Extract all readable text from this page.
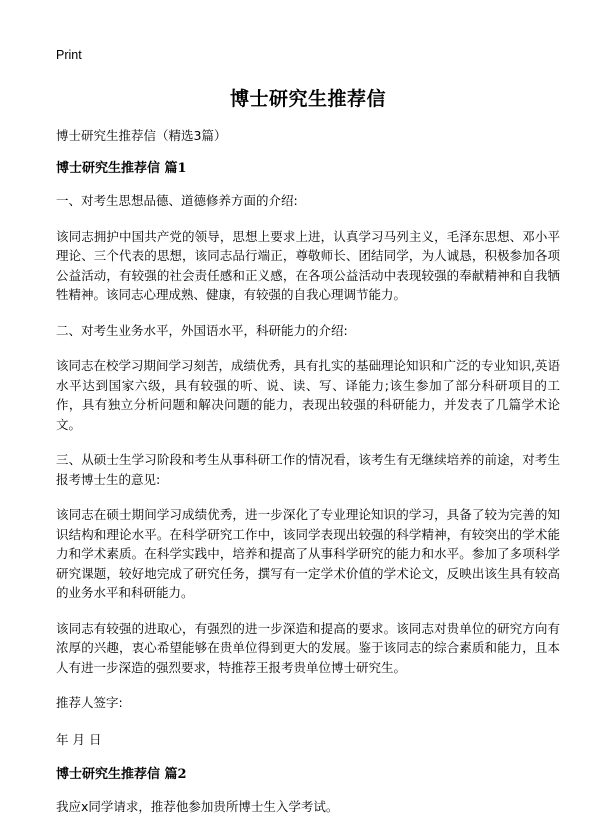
Print
博士研究生推荐信
博士研究生推荐信（精选3篇）
博士研究生推荐信 篇1

一、对考生思想品德、道德修养方面的介绍:

该同志拥护中国共产党的领导，思想上要求上进，认真学习马列主义，毛泽东思想、邓小平理论、三个代表的思想，该同志品行端正，尊敬师长、团结同学，为人诚恳，积极参加各项公益活动，有较强的社会责任感和正义感，在各项公益活动中表现较强的奉献精神和自我牺牲精神。该同志心理成熟、健康，有较强的自我心理调节能力。

二、对考生业务水平，外国语水平，科研能力的介绍:

该同志在校学习期间学习刻苦，成绩优秀，具有扎实的基础理论知识和广泛的专业知识,英语水平达到国家六级，具有较强的听、说、读、写、译能力;该生参加了部分科研项目的工作，具有独立分析问题和解决问题的能力，表现出较强的科研能力，并发表了几篇学术论文。

三、从硕士生学习阶段和考生从事科研工作的情况看，该考生有无继续培养的前途，对考生报考博士生的意见:

该同志在硕士期间学习成绩优秀，进一步深化了专业理论知识的学习，具备了较为完善的知识结构和理论水平。在科学研究工作中，该同学表现出较强的科学精神，有较突出的学术能力和学术素质。在科学实践中，培养和提高了从事科学研究的能力和水平。参加了多项科学研究课题，较好地完成了研究任务，撰写有一定学术价值的学术论文，反映出该生具有较高的业务水平和科研能力。

该同志有较强的进取心，有强烈的进一步深造和提高的要求。该同志对贵单位的研究方向有浓厚的兴趣，衷心希望能够在贵单位得到更大的发展。鉴于该同志的综合素质和能力，且本人有进一步深造的强烈要求，特推荐王报考贵单位博士研究生。

推荐人签字:

年 月 日

博士研究生推荐信 篇2

我应x同学请求，推荐他参加贵所博士生入学考试。
